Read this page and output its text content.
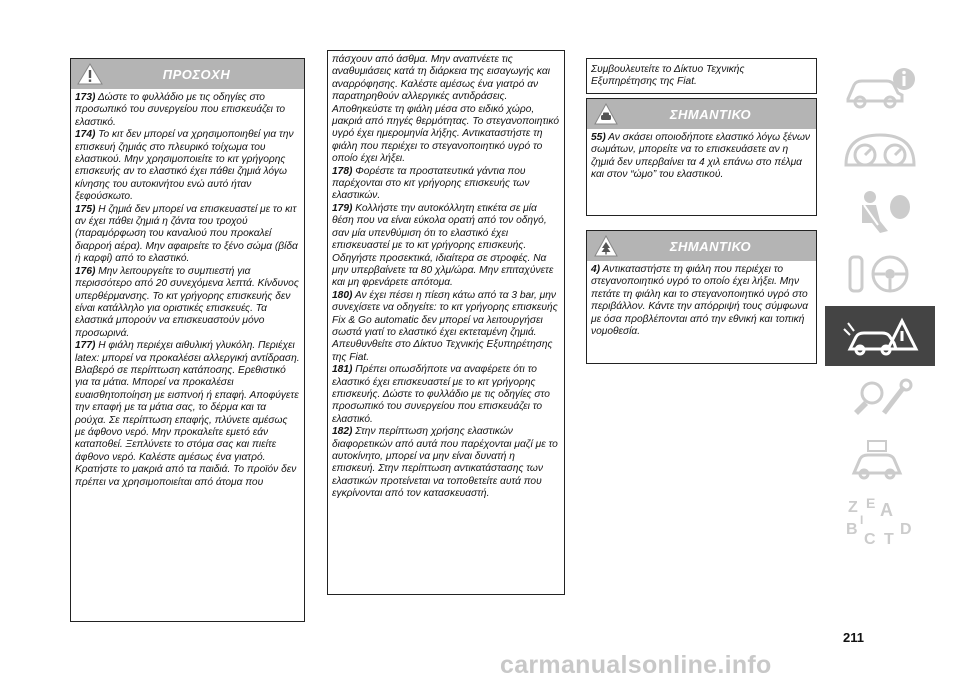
ΠΡΟΣΟΧΗ

173) Δώστε το φυλλάδιο με τις οδηγίες στο προσωπικό του συνεργείου που επισκευάζει το ελαστικό.

174) Το κιτ δεν μπορεί να χρησιμοποιηθεί για την επισκευή ζημιάς στο πλευρικό τοίχωμα του ελαστικού. Μην χρησιμοποιείτε το κιτ γρήγορης επισκευής αν το ελαστικό έχει πάθει ζημιά λόγω κίνησης του αυτοκινήτου ενώ αυτό ήταν ξεφούσκωτο.

175) Η ζημιά δεν μπορεί να επισκευαστεί με το κιτ αν έχει πάθει ζημιά η ζάντα του τροχού (παραμόρφωση του καναλιού που προκαλεί διαρροή αέρα). Μην αφαιρείτε το ξένο σώμα (βίδα ή καρφί) από το ελαστικό.

176) Μην λειτουργείτε το συμπιεστή για περισσότερο από 20 συνεχόμενα λεπτά. Κίνδυνος υπερθέρμανσης. Το κιτ γρήγορης επισκευής δεν είναι κατάλληλο για οριστικές επισκευές. Τα ελαστικά μπορούν να επισκευαστούν μόνο προσωρινά.

177) Η φιάλη περιέχει αιθυλική γλυκόλη. Περιέχει latex: μπορεί να προκαλέσει αλλεργική αντίδραση. Βλαβερό σε περίπτωση κατάποσης. Ερεθιστικό για τα μάτια. Μπορεί να προκαλέσει ευαισθητοποίηση με εισπνοή ή επαφή. Αποφύγετε την επαφή με τα μάτια σας, το δέρμα και τα ρούχα. Σε περίπτωση επαφής, πλύνετε αμέσως με άφθονο νερό. Μην προκαλείτε εμετό εάν καταποθεί. Ξεπλύνετε το στόμα σας και πιείτε άφθονο νερό. Καλέστε αμέσως ένα γιατρό. Κρατήστε το μακριά από τα παιδιά. Το προϊόν δεν πρέπει να χρησιμοποιείται από άτομα που

πάσχουν από άσθμα. Μην αναπνέετε τις αναθυμιάσεις κατά τη διάρκεια της εισαγωγής και αναρρόφησης. Καλέστε αμέσως ένα γιατρό αν παρατηρηθούν αλλεργικές αντιδράσεις. Αποθηκεύστε τη φιάλη μέσα στο ειδικό χώρο, μακριά από πηγές θερμότητας. Το στεγανοποιητικό υγρό έχει ημερομηνία λήξης. Αντικαταστήστε τη φιάλη που περιέχει το στεγανοποιητικό υγρό το οποίο έχει λήξει.

178) Φορέστε τα προστατευτικά γάντια που παρέχονται στο κιτ γρήγορης επισκευής των ελαστικών.

179) Κολλήστε την αυτοκόλλητη ετικέτα σε μία θέση που να είναι εύκολα ορατή από τον οδηγό, σαν μία υπενθύμιση ότι το ελαστικό έχει επισκευαστεί με το κιτ γρήγορης επισκευής. Οδηγήστε προσεκτικά, ιδιαίτερα σε στροφές. Να μην υπερβαίνετε τα 80 χλμ/ώρα. Μην επιταχύνετε και μη φρενάρετε απότομα.

180) Αν έχει πέσει η πίεση κάτω από τα 3 bar, μην συνεχίσετε να οδηγείτε: το κιτ γρήγορης επισκευής Fix & Go automatic δεν μπορεί να λειτουργήσει σωστά γιατί το ελαστικό έχει εκτεταμένη ζημιά. Απευθυνθείτε στο Δίκτυο Τεχνικής Εξυπηρέτησης της Fiat.

181) Πρέπει οπωσδήποτε να αναφέρετε ότι το ελαστικό έχει επισκευαστεί με το κιτ γρήγορης επισκευής. Δώστε το φυλλάδιο με τις οδηγίες στο προσωπικό του συνεργείου που επισκευάζει το ελαστικό.

182) Στην περίπτωση χρήσης ελαστικών διαφορετικών από αυτά που παρέχονται μαζί με το αυτοκίνητο, μπορεί να μην είναι δυνατή η επισκευή. Στην περίπτωση αντικατάστασης των ελαστικών προτείνεται να τοποθετείτε αυτά που εγκρίνονται από τον κατασκευαστή.

Συμβουλευτείτε το Δίκτυο Τεχνικής Εξυπηρέτησης της Fiat.
ΣΗΜΑΝΤΙΚΟ

55) Αν σκάσει οποιοδήποτε ελαστικό λόγω ξένων σωμάτων, μπορείτε να το επισκευάσετε αν η ζημιά δεν υπερβαίνει τα 4 χιλ επάνω στο πέλμα και στον “ώμο” του ελαστικού.

ΣΗΜΑΝΤΙΚΟ

4) Αντικαταστήστε τη φιάλη που περιέχει το στεγανοποιητικό υγρό το οποίο έχει λήξει. Μην πετάτε τη φιάλη και το στεγανοποιητικό υγρό στο περιβάλλον. Κάντε την απόρριψή τους σύμφωνα με όσα προβλέπονται από την εθνική και τοπική νομοθεσία.

Z A
E
B
C
D
I
T
211
carmanualsonline.info
